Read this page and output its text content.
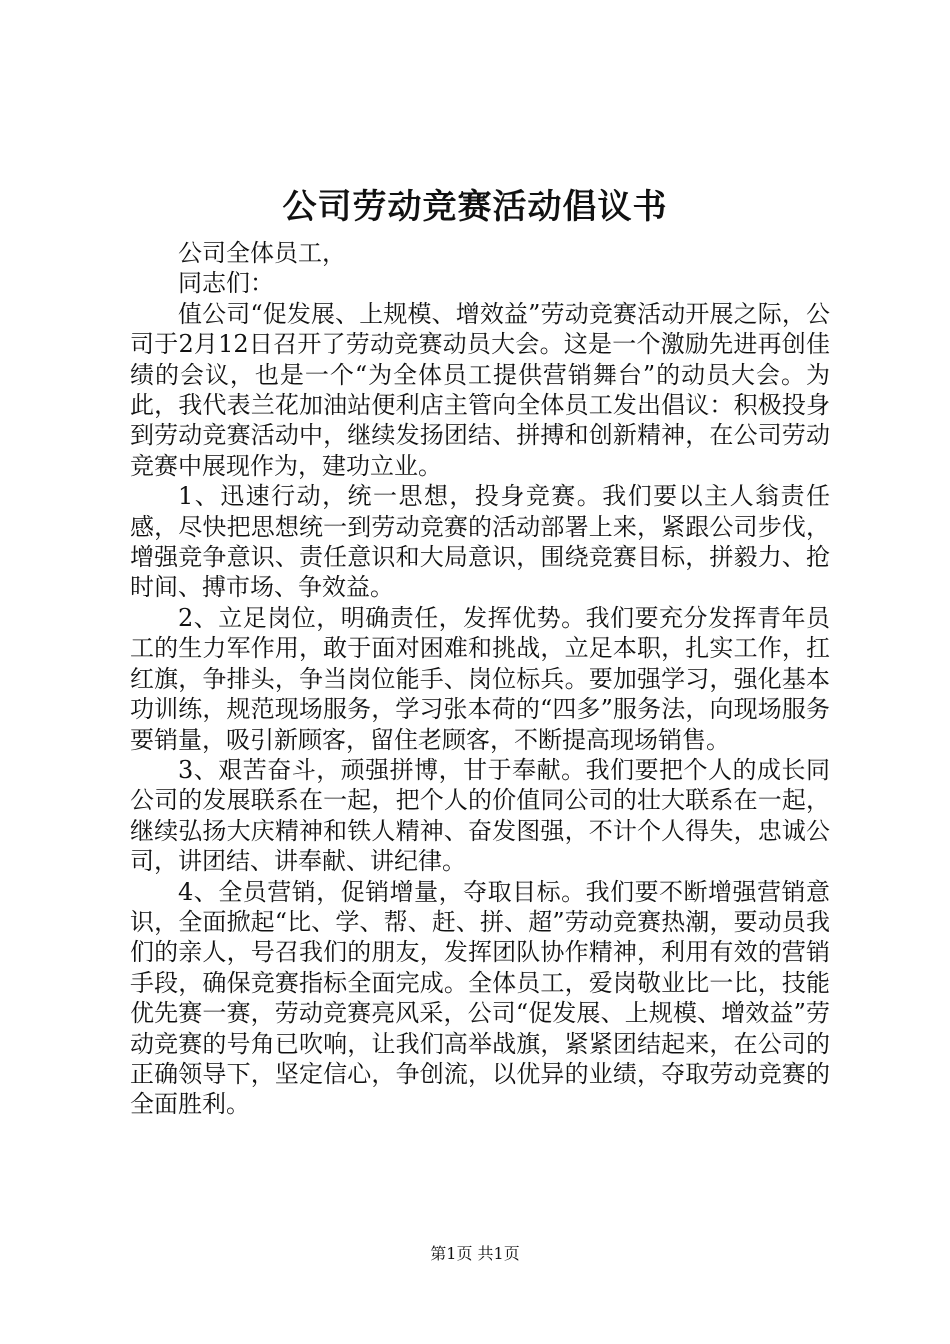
公司劳动竞赛活动倡议书

公司全体员工，

同志们：

值公司“促发展、上规模、增效益”劳动竞赛活动开展之际，公司于2月12日召开了劳动竞赛动员大会。这是一个激励先进再创佳绩的会议，也是一个“为全体员工提供营销舞台”的动员大会。为此，我代表兰花加油站便利店主管向全体员工发出倡议：积极投身到劳动竞赛活动中，继续发扬团结、拼搏和创新精神，在公司劳动竞赛中展现作为，建功立业。

1、迅速行动，统一思想，投身竞赛。我们要以主人翁责任感，尽快把思想统一到劳动竞赛的活动部署上来，紧跟公司步伐，增强竞争意识、责任意识和大局意识，围绕竞赛目标，拼毅力、抢时间、搏市场、争效益。

2、立足岗位，明确责任，发挥优势。我们要充分发挥青年员工的生力军作用，敢于面对困难和挑战，立足本职，扎实工作，扛红旗，争排头，争当岗位能手、岗位标兵。要加强学习，强化基本功训练，规范现场服务，学习张本荷的“四多”服务法，向现场服务要销量，吸引新顾客，留住老顾客，不断提高现场销售。

3、艰苦奋斗，顽强拼博，甘于奉献。我们要把个人的成长同公司的发展联系在一起，把个人的价值同公司的壮大联系在一起，继续弘扬大庆精神和铁人精神、奋发图强，不计个人得失，忠诚公司，讲团结、讲奉献、讲纪律。

4、全员营销，促销增量，夺取目标。我们要不断增强营销意识，全面掀起“比、学、帮、赶、拼、超”劳动竞赛热潮，要动员我们的亲人，号召我们的朋友，发挥团队协作精神，利用有效的营销手段，确保竞赛指标全面完成。全体员工，爱岗敬业比一比，技能优先赛一赛，劳动竞赛亮风采，公司“促发展、上规模、增效益”劳动竞赛的号角已吹响，让我们高举战旗，紧紧团结起来，在公司的正确领导下，坚定信心，争创流，以优异的业绩，夺取劳动竞赛的全面胜利。

第1页 共1页
